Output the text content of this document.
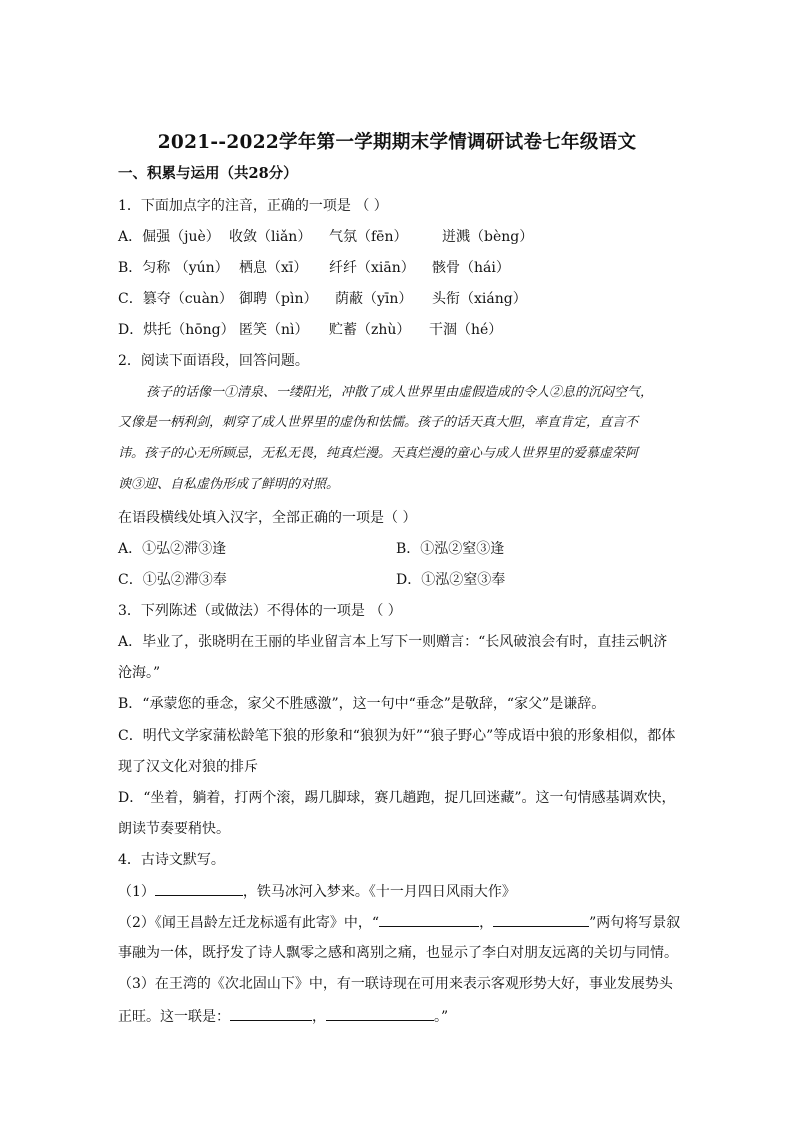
2021--2022学年第一学期期末学情调研试卷七年级语文
一、积累与运用（共28分）
1．下面加点字的注音，正确的一项是 （ ）
A．倔强（juè） 收敛（liǎn） 气氛（fēn） 迸溅（bèng）
B．匀称 （yún） 栖息（xī） 纤纤（xiān） 骸骨（hái）
C．篡夺（cuàn） 御聘（pìn） 荫蔽（yīn） 头衔（xiáng）
D．烘托（hōng） 匿笑（nì） 贮蓄（zhù） 干涸（hé）
2．阅读下面语段，回答问题。
孩子的话像一①清泉、一缕阳光，冲散了成人世界里由虚假造成的令人②息的沉闷空气，
又像是一柄利剑，刺穿了成人世界里的虚伪和怯懦。孩子的话天真大胆，率直肯定，直言不
讳。孩子的心无所顾忌，无私无畏，纯真烂漫。天真烂漫的童心与成人世界里的爱慕虚荣阿
谀③迎、自私虚伪形成了鲜明的对照。
在语段横线处填入汉字，全部正确的一项是（ ）
A．①弘②滞③逢	B．①泓②窒③逢
C．①弘②滞③奉	D．①泓②窒③奉
3．下列陈述（或做法）不得体的一项是 （ ）
A．毕业了，张晓明在王丽的毕业留言本上写下一则赠言：“长风破浪会有时，直挂云帆济
沧海。”
B．“承蒙您的垂念，家父不胜感激”，这一句中“垂念”是敬辞，“家父”是谦辞。
C．明代文学家蒲松龄笔下狼的形象和“狼狈为奸”“狼子野心”等成语中狼的形象相似，都体
现了汉文化对狼的排斥
D．“坐着，躺着，打两个滚，踢几脚球，赛几趟跑，捉几回迷藏”。这一句情感基调欢快，
朗读节奏要稍快。
4．古诗文默写。
（1）	，铁马冰河入梦来。《十一月四日风雨大作》
（2）《闻王昌龄左迁龙标遥有此寄》中，“	，	”两句将写景叙
事融为一体，既抒发了诗人飘零之感和离别之痛，也显示了李白对朋友远离的关切与同情。
（3）在王湾的《次北固山下》中，有一联诗现在可用来表示客观形势大好，事业发展势头
正旺。这一联是：	，	。”
